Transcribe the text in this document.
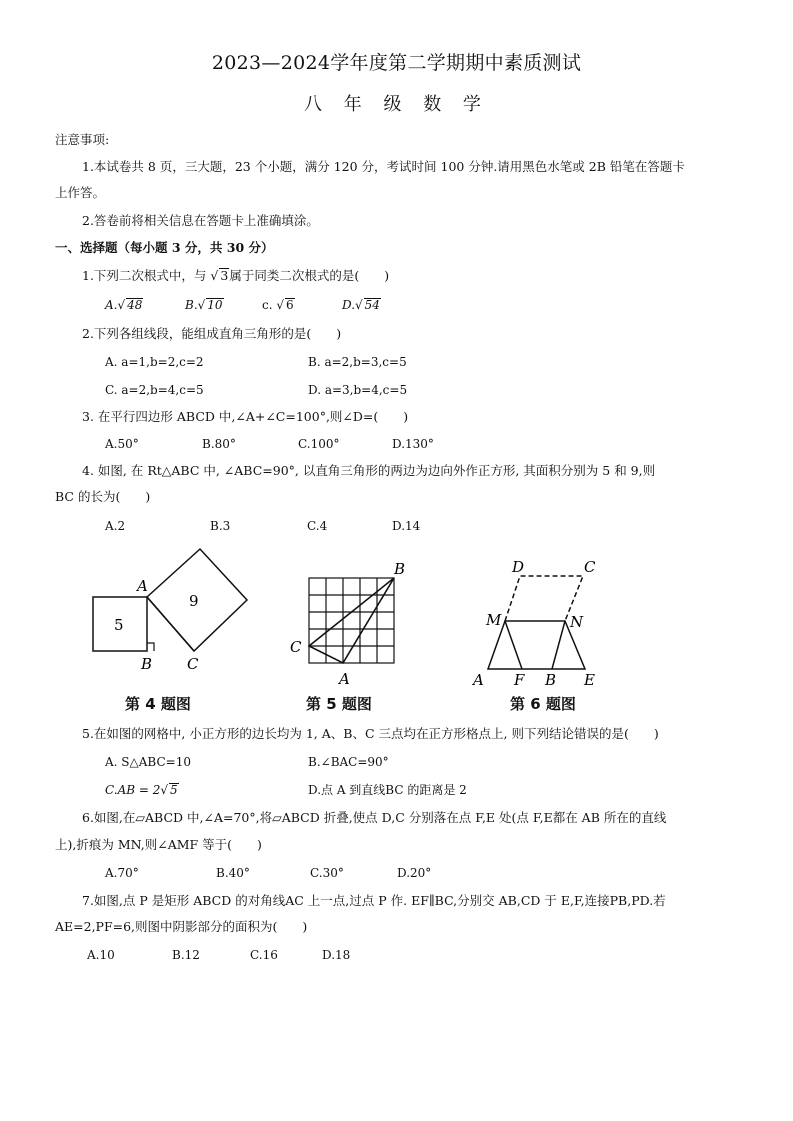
2023—2024学年度第二学期期中素质测试
八 年 级 数 学
注意事项:
1.本试卷共 8 页，三大题，23 个小题，满分 120 分，考试时间 100 分钟.请用黑色水笔或 2B 铅笔在答题卡
上作答。
2.答卷前将相关信息在答题卡上准确填涂。
一、选择题（每小题 3 分，共 30 分）
1.下列二次根式中，与 √ 3属于同类二次根式的是(　　)
A.√ 48	B.√ 10	c. √ 6	D.√ 54
2.下列各组线段，能组成直角三角形的是(　　)
A. a=1,b=2,c=2	B. a=2,b=3,c=5
C. a=2,b=4,c=5	D. a=3,b=4,c=5
3. 在平行四边形 ABCD 中,∠A+∠C=100°,则∠D=(　　)
A.50°	B.80°	C.100°	D.130°
4. 如图, 在 Rt△ABC 中, ∠ABC=90°, 以直角三角形的两边为边向外作正方形, 其面积分别为 5 和 9,则
BC 的长为(　　)
A.2	B.3	C.4	D.14
5
9
A
B C
第 4 题图
B
C
A
第 5 题图
D	C
M	N
A F B E
第 6 题图
5.在如图的网格中, 小正方形的边长均为 1, A、B、C 三点均在正方形格点上, 则下列结论错误的是(　　)
A. S△ABC=10	B.∠BAC=90°
C.AB = 2√ 5	D.点 A 到直线BC 的距离是 2
6.如图,在▱ABCD 中,∠A=70°,将▱ABCD 折叠,使点 D,C 分别落在点 F,E 处(点 F,E都在 AB 所在的直线
上),折痕为 MN,则∠AMF 等于(　　)
A.70°	B.40°	C.30°	D.20°
7.如图,点 P 是矩形 ABCD 的对角线AC 上一点,过点 P 作. EF∥BC,分别交 AB,CD 于 E,F,连接PB,PD.若
AE=2,PF=6,则图中阴影部分的面积为(　　)
A.10	B.12	C.16	D.18
